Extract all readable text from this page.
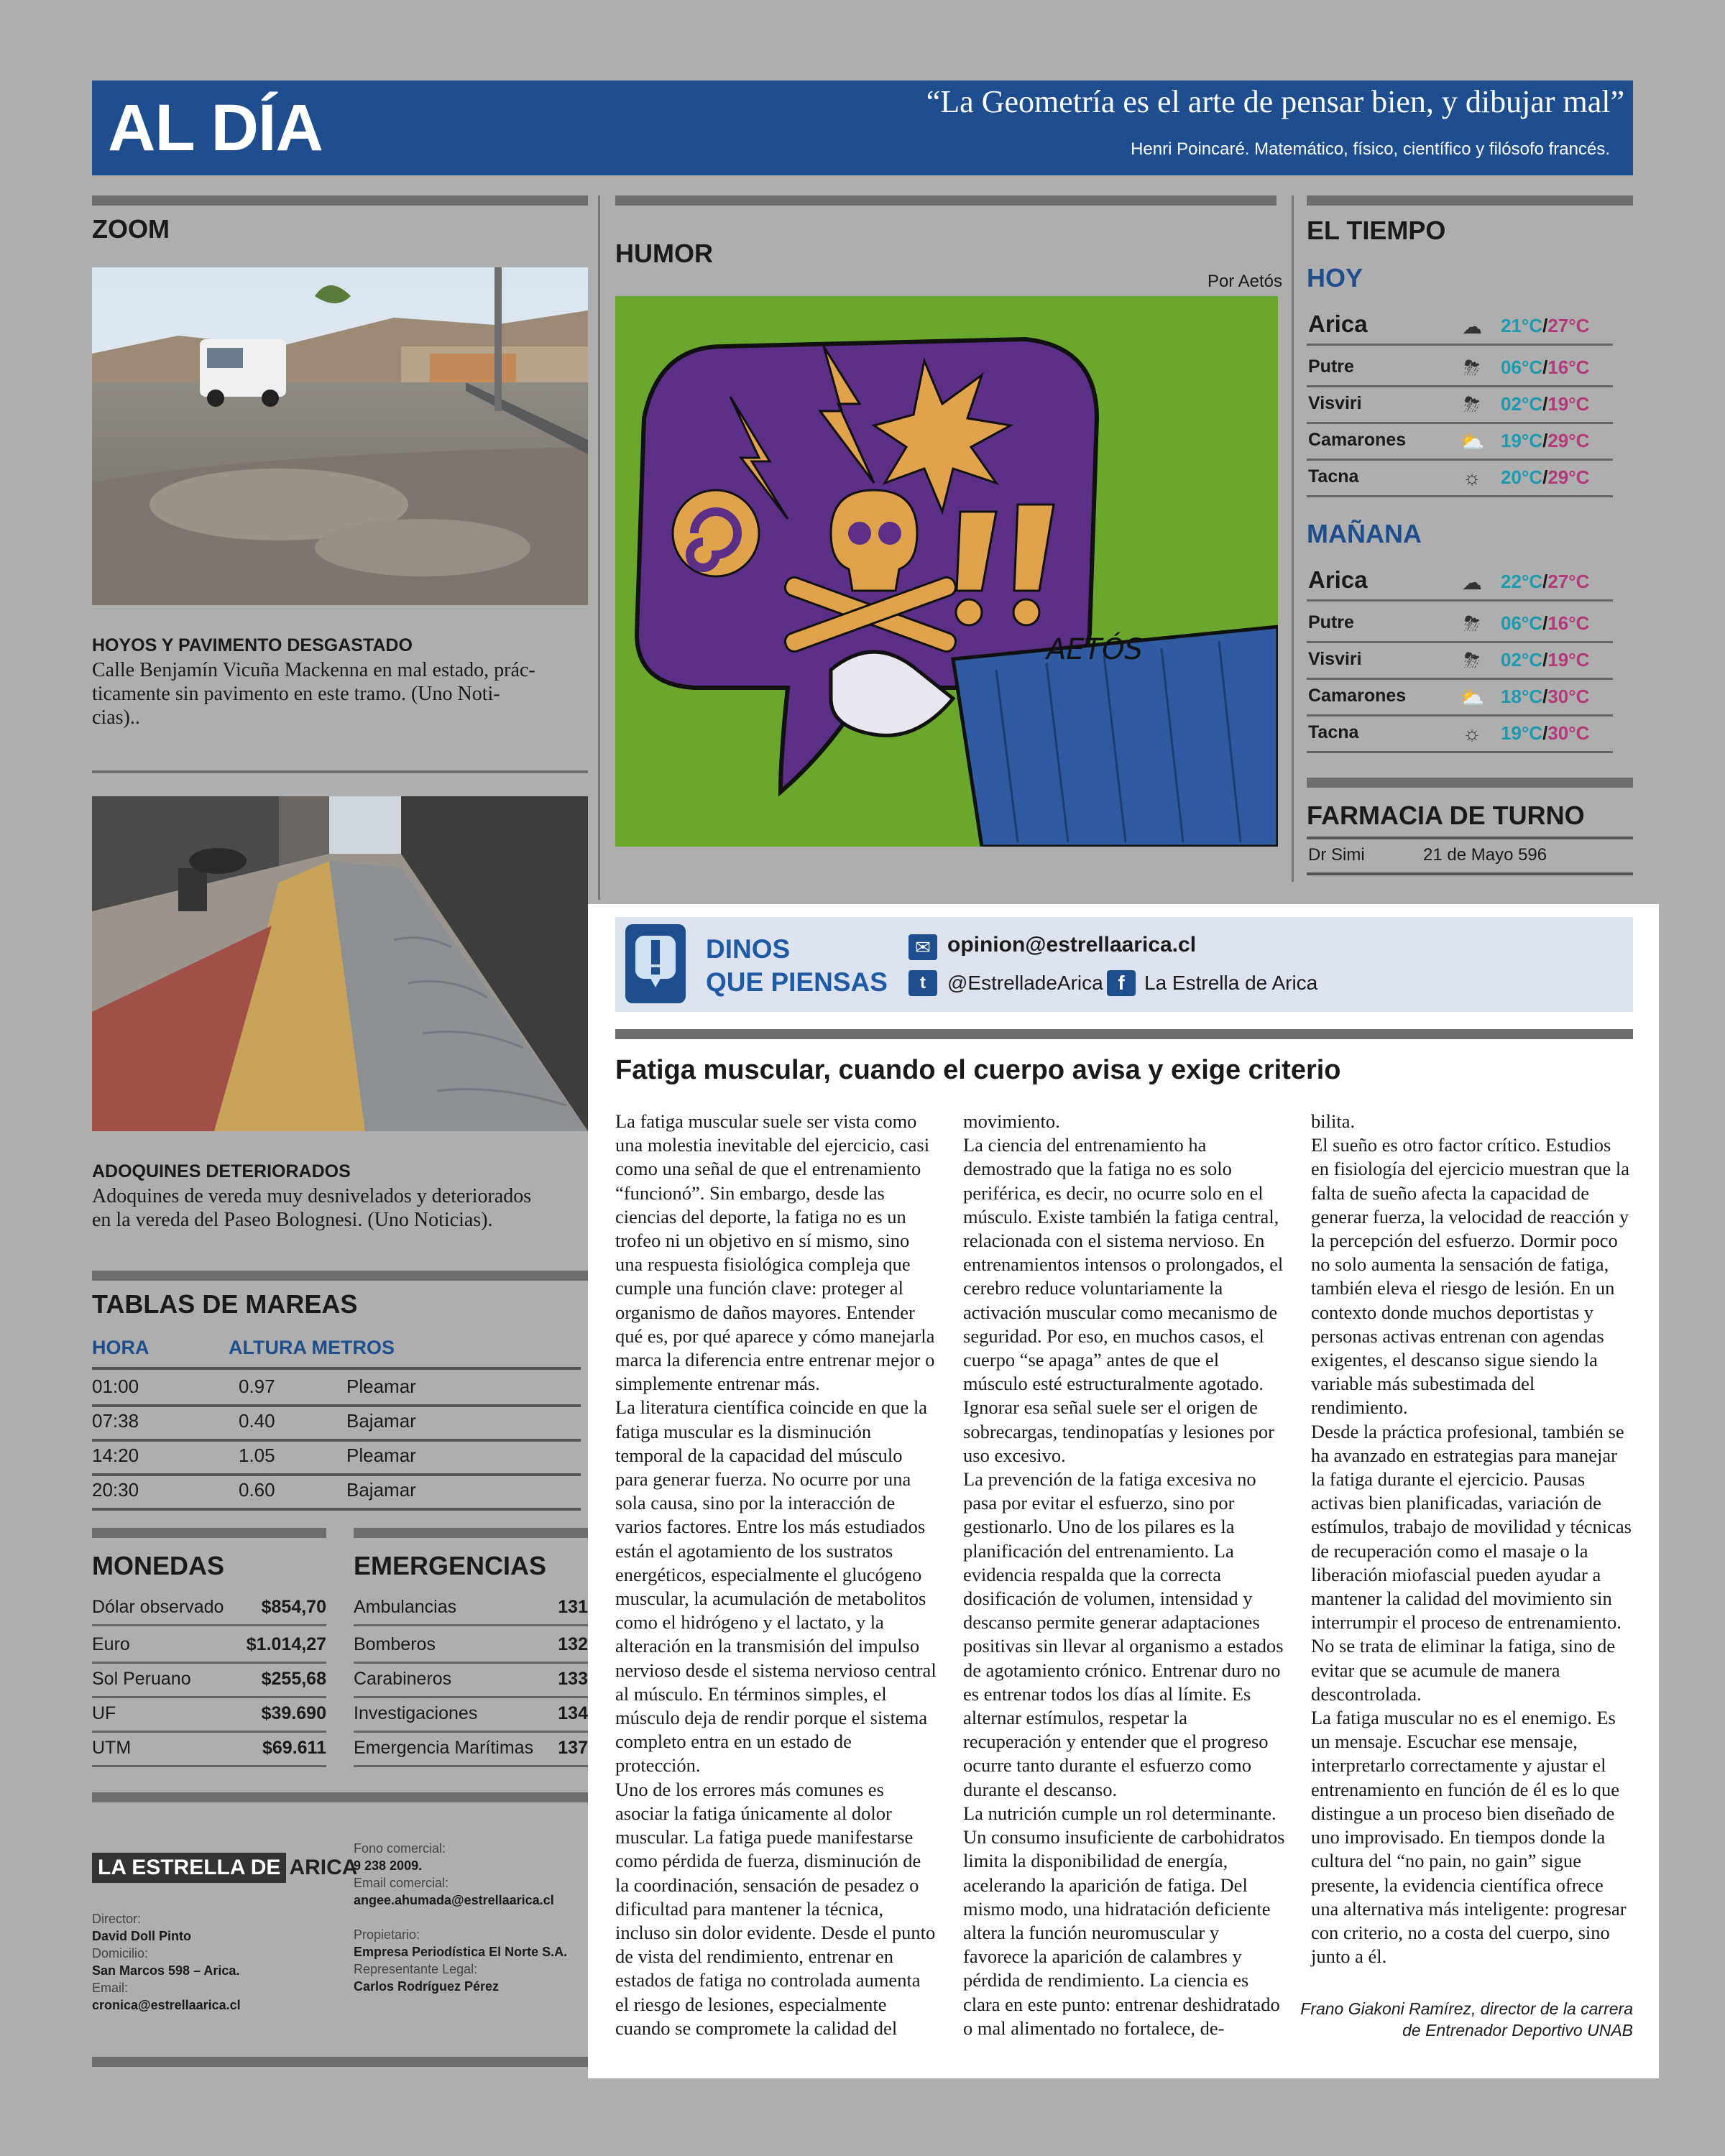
AL DÍA	“La Geometría es el arte de pensar bien, y dibujar mal”
Henri Poincaré. Matemático, físico, científico y filósofo francés.
ZOOM
HOYOS Y PAVIMENTO DESGASTADO
Calle Benjamín Vicuña Mackenna en mal estado, prác-
ticamente sin pavimento en este tramo. (Uno Noti-
cias)..
ADOQUINES DETERIORADOS
Adoquines de vereda muy desnivelados y deteriorados
en la vereda del Paseo Bolognesi. (Uno Noticias).
TABLAS DE MAREAS
HORA	ALTURA METROS
01:00	0.97	Pleamar
07:38	0.40	Bajamar
14:20	1.05	Pleamar
20:30	0.60	Bajamar
MONEDAS
Dólar observado $854,70
Euro	$1.014,27
Sol Peruano	$255,68
UF	$39.690
UTM	$69.611
EMERGENCIAS
Ambulancias	131
Bomberos	132
Carabineros	133
Investigaciones	134
Emergencia Marítimas 137
LA ESTRELLA DE ARICA
Director:
David Doll Pinto
Domicilio:
San Marcos 598 – Arica.
Email:
cronica@estrellaarica.cl
Fono comercial:
9 238 2009.
Email comercial:
angee.ahumada@estrellaarica.cl
Propietario:
Empresa Periodística El Norte S.A.
Representante Legal:
Carlos Rodríguez Pérez
HUMOR
Por Aetós
AETÓS
EL TIEMPO
HOY
Arica	☁	21°C/27°C
Putre	⛈	06°C/16°C
Visviri	⛈	02°C/19°C
Camarones	⛅ 19°C/29°C
Tacna	☼	20°C/29°C
MAÑANA
Arica	☁	22°C/27°C
Putre	⛈	06°C/16°C
Visviri	⛈	02°C/19°C
Camarones	⛅ 18°C/30°C
Tacna	☼	19°C/30°C
FARMACIA DE TURNO
Dr Simi	21 de Mayo 596
DINOS
QUE PIENSAS
✉ opinion@estrellaarica.cl
t	@EstrelladeArica f La Estrella de Arica
Fatiga muscular, cuando el cuerpo avisa y exige criterio

La fatiga muscular suele ser vista como una molestia inevitable del ejercicio, casi como una señal de que el entrenamiento “funcionó”. Sin embargo, desde las ciencias del deporte, la fatiga no es un trofeo ni un objetivo en sí mismo, sino una respuesta fisiológica compleja que cumple una función clave: proteger al organismo de daños mayores. Entender qué es, por qué aparece y cómo manejarla marca la diferencia entre entrenar mejor o simplemente entrenar más.

La literatura científica coincide en que la fatiga muscular es la disminución temporal de la capacidad del músculo para generar fuerza. No ocurre por una sola causa, sino por la interacción de varios factores. Entre los más estudiados están el agotamiento de los sustratos energéticos, especialmente el glucógeno muscular, la acumulación de metabolitos como el hidrógeno y el lactato, y la alteración en la transmisión del impulso nervioso desde el sistema nervioso central al músculo. En términos simples, el músculo deja de rendir porque el sistema completo entra en un estado de protección.

Uno de los errores más comunes es asociar la fatiga únicamente al dolor muscular. La fatiga puede manifestarse como pérdida de fuerza, disminución de la coordinación, sensación de pesadez o dificultad para mantener la técnica, incluso sin dolor evidente. Desde el punto de vista del rendimiento, entrenar en estados de fatiga no controlada aumenta el riesgo de lesiones, especialmente cuando se compromete la calidad del

movimiento.

La ciencia del entrenamiento ha demostrado que la fatiga no es solo periférica, es decir, no ocurre solo en el músculo. Existe también la fatiga central, relacionada con el sistema nervioso. En entrenamientos intensos o prolongados, el cerebro reduce voluntariamente la activación muscular como mecanismo de seguridad. Por eso, en muchos casos, el cuerpo “se apaga” antes de que el músculo esté estructuralmente agotado. Ignorar esa señal suele ser el origen de sobrecargas, tendinopatías y lesiones por uso excesivo.

La prevención de la fatiga excesiva no pasa por evitar el esfuerzo, sino por gestionarlo. Uno de los pilares es la planificación del entrenamiento. La evidencia respalda que la correcta dosificación de volumen, intensidad y descanso permite generar adaptaciones positivas sin llevar al organismo a estados de agotamiento crónico. Entrenar duro no es entrenar todos los días al límite. Es alternar estímulos, respetar la recuperación y entender que el progreso ocurre tanto durante el esfuerzo como durante el descanso.

La nutrición cumple un rol determinante. Un consumo insuficiente de carbohidratos limita la disponibilidad de energía, acelerando la aparición de fatiga. Del mismo modo, una hidratación deficiente altera la función neuromuscular y favorece la aparición de calambres y pérdida de rendimiento. La ciencia es clara en este punto: entrenar deshidratado o mal alimentado no fortalece, de-

bilita.

El sueño es otro factor crítico. Estudios en fisiología del ejercicio muestran que la falta de sueño afecta la capacidad de generar fuerza, la velocidad de reacción y la percepción del esfuerzo. Dormir poco no solo aumenta la sensación de fatiga, también eleva el riesgo de lesión. En un contexto donde muchos deportistas y personas activas entrenan con agendas exigentes, el descanso sigue siendo la variable más subestimada del rendimiento.

Desde la práctica profesional, también se ha avanzado en estrategias para manejar la fatiga durante el ejercicio. Pausas activas bien planificadas, variación de estímulos, trabajo de movilidad y técnicas de recuperación como el masaje o la liberación miofascial pueden ayudar a mantener la calidad del movimiento sin interrumpir el proceso de entrenamiento. No se trata de eliminar la fatiga, sino de evitar que se acumule de manera descontrolada.

La fatiga muscular no es el enemigo. Es un mensaje. Escuchar ese mensaje, interpretarlo correctamente y ajustar el entrenamiento en función de él es lo que distingue a un proceso bien diseñado de uno improvisado. En tiempos donde la cultura del “no pain, no gain” sigue presente, la evidencia científica ofrece una alternativa más inteligente: progresar con criterio, no a costa del cuerpo, sino junto a él.

Frano Giakoni Ramírez, director de la carrera
de Entrenador Deportivo UNAB
